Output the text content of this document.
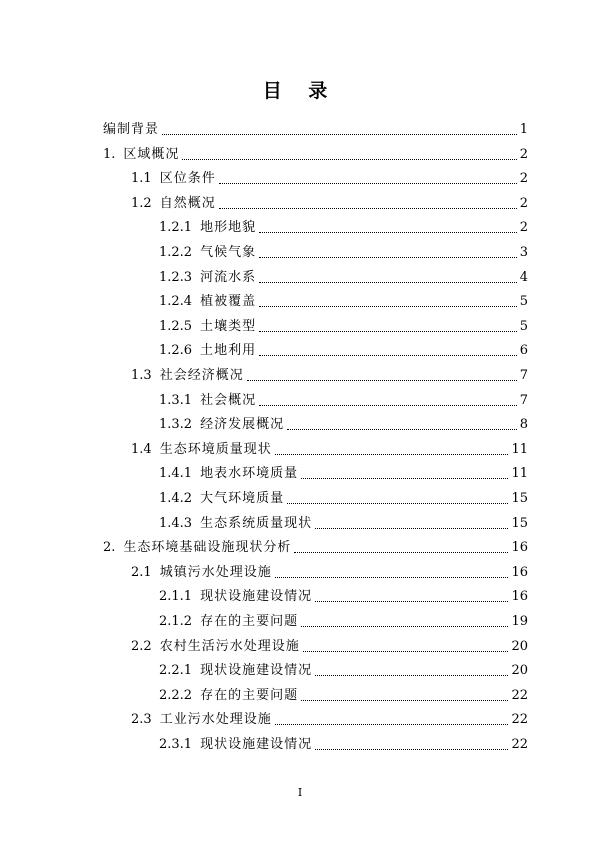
目 录
编制背景	1
1. 区域概况	2
1.1 区位条件	2
1.2 自然概况	2
1.2.1 地形地貌	2
1.2.2 气候气象	3
1.2.3 河流水系	4
1.2.4 植被覆盖	5
1.2.5 土壤类型	5
1.2.6 土地利用	6
1.3 社会经济概况	7
1.3.1 社会概况	7
1.3.2 经济发展概况	8
1.4 生态环境质量现状	11
1.4.1 地表水环境质量	11
1.4.2 大气环境质量	15
1.4.3 生态系统质量现状	15
2. 生态环境基础设施现状分析	16
2.1 城镇污水处理设施	16
2.1.1 现状设施建设情况	16
2.1.2 存在的主要问题	19
2.2 农村生活污水处理设施	20
2.2.1 现状设施建设情况	20
2.2.2 存在的主要问题	22
2.3 工业污水处理设施	22
2.3.1 现状设施建设情况	22
I
